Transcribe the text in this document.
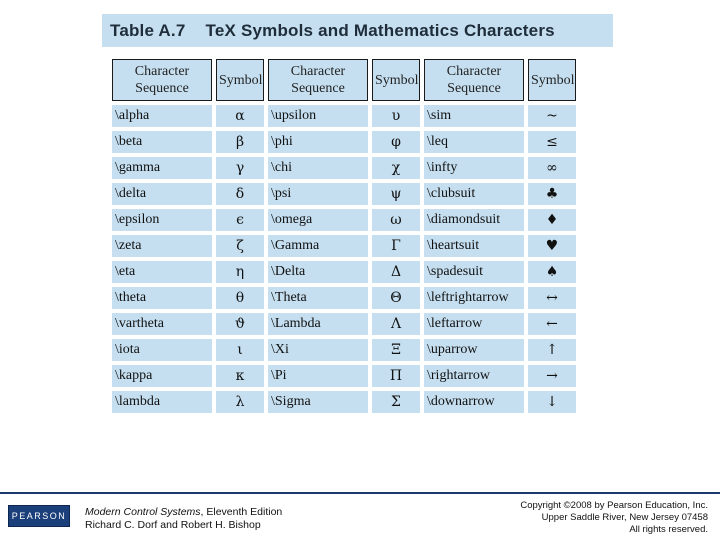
Table A.7 TeX Symbols and Mathematics Characters
Character Sequence	Symbol	Character Sequence	Symbol	Character Sequence	Symbol
\alpha	α	\upsilon	υ	\sim	~
\beta	β	\phi	φ	\leq	≤
\gamma	γ	\chi	χ	\infty	∞
\delta	δ	\psi	ψ	\clubsuit	♣
\epsilon	ϵ	\omega	ω	\diamondsuit	♦
\zeta	ζ	\Gamma	Γ	\heartsuit	♥
\eta	η	\Delta	Δ	\spadesuit	♠
\theta	θ	\Theta	Θ	\leftrightarrow	↔
\vartheta	ϑ	\Lambda	Λ	\leftarrow	←
\iota	ι	\Xi	Ξ	\uparrow	↑
\kappa	κ	\Pi	Π	\rightarrow	→
\lambda	λ	\Sigma	Σ	\downarrow	↓
PEARSON Modern Control Systems, Eleventh Edition
Richard C. Dorf and Robert H. Bishop
Copyright ©2008 by Pearson Education, Inc.
Upper Saddle River, New Jersey 07458
All rights reserved.
